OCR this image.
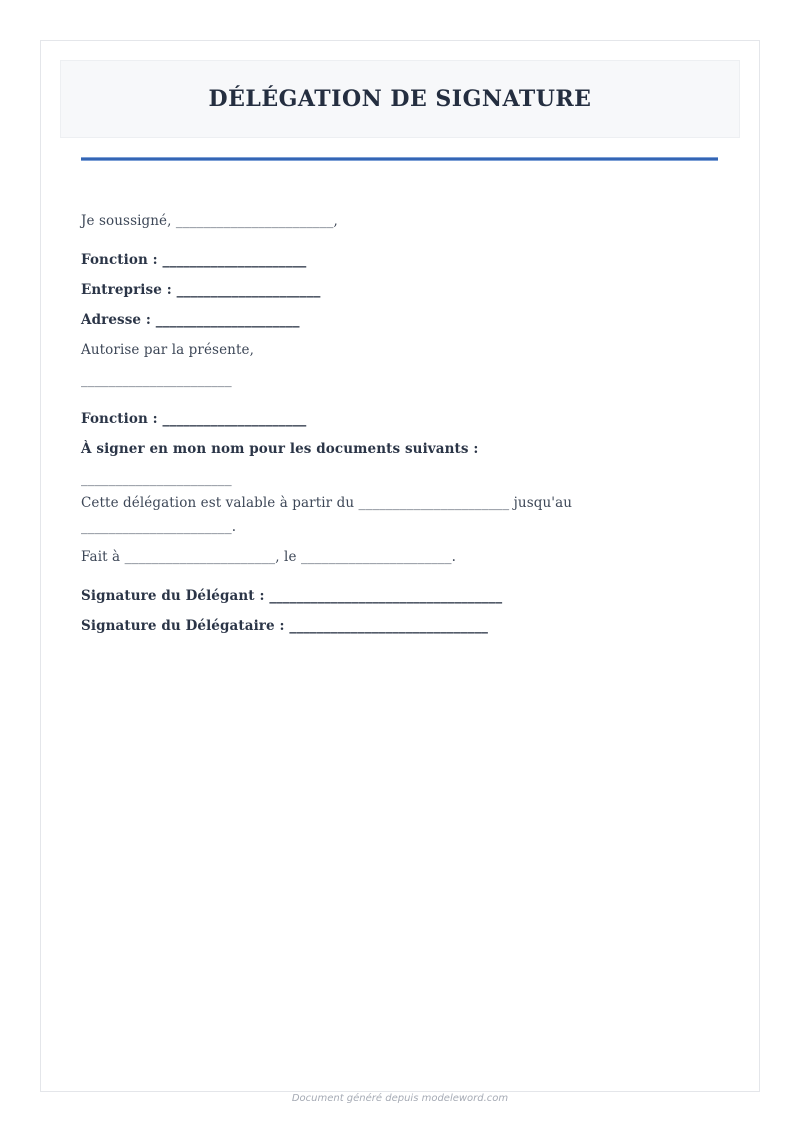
DÉLÉGATION DE SIGNATURE

Je soussigné, _______________________,

Fonction : _____________________

Entreprise : _____________________

Adresse : _____________________

Autorise par la présente,

______________________

Fonction : _____________________

À signer en mon nom pour les documents suivants :

______________________

Cette délégation est valable à partir du ______________________ jusqu'au

______________________.

Fait à ______________________, le ______________________.

Signature du Délégant : __________________________________

Signature du Délégataire : _____________________________

Document généré depuis modeleword.com
